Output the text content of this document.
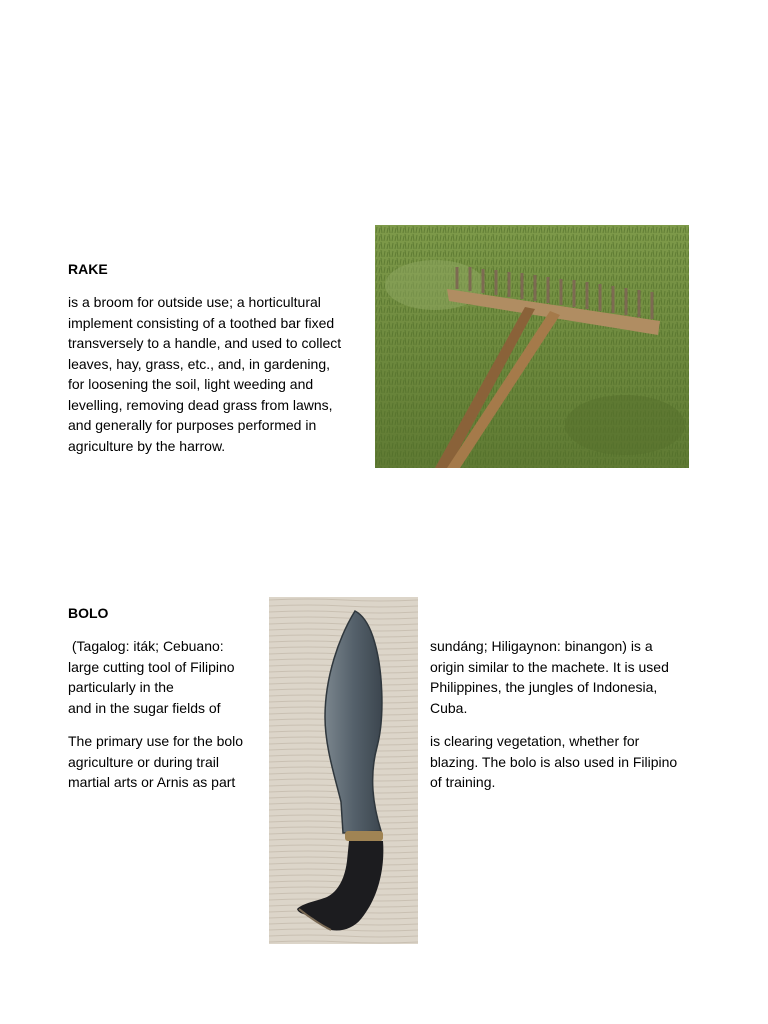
RAKE
is a broom for outside use; a horticultural
implement consisting of a toothed bar fixed
transversely to a handle, and used to collect
leaves, hay, grass, etc., and, in gardening,
for loosening the soil, light weeding and
levelling, removing dead grass from lawns,
and generally for purposes performed in
agriculture by the harrow.
BOLO
(Tagalog: iták; Cebuano:
large cutting tool of Filipino
particularly in the
and in the sugar fields of
sundáng; Hiligaynon: binangon) is a
origin similar to the machete. It is used
Philippines, the jungles of Indonesia,
Cuba.
The primary use for the bolo
agriculture or during trail
martial arts or Arnis as part
is clearing vegetation, whether for
blazing. The bolo is also used in Filipino
of training.
